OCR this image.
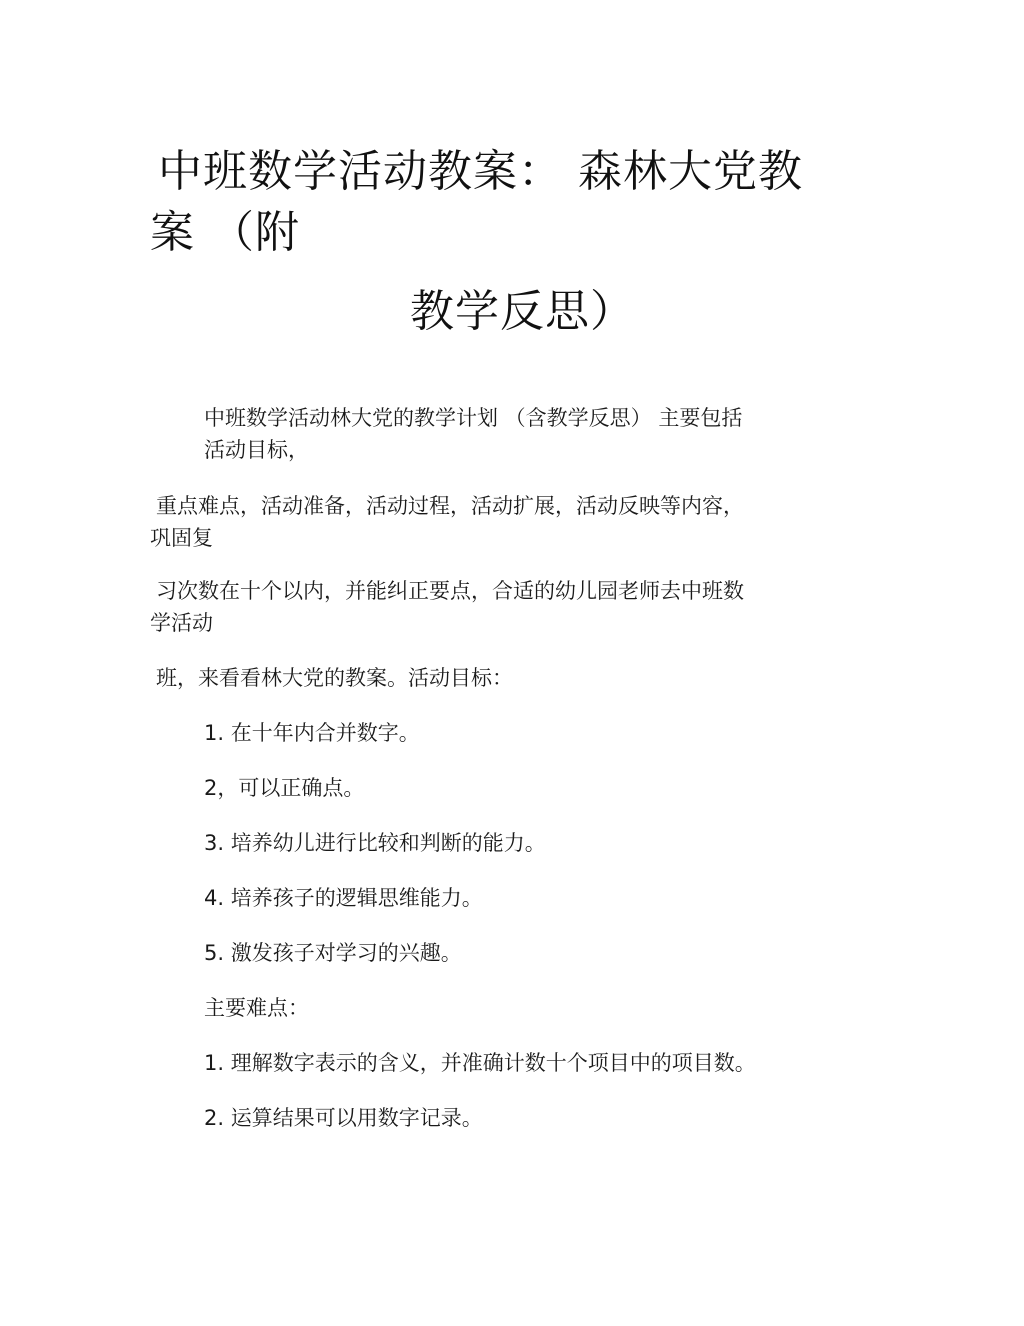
中班数学活动教案： 森林大党教
案 （附
教学反思）
中班数学活动林大党的教学计划 （含教学反思） 主要包括
活动目标，
重点难点，活动准备，活动过程，活动扩展，活动反映等内容，
巩固复
习次数在十个以内，并能纠正要点，合适的幼儿园老师去中班数
学活动
班，来看看林大党的教案。活动目标：
1. 在十年内合并数字。
2，可以正确点。
3. 培养幼儿进行比较和判断的能力。
4. 培养孩子的逻辑思维能力。
5. 激发孩子对学习的兴趣。
主要难点：
1. 理解数字表示的含义，并准确计数十个项目中的项目数。
2. 运算结果可以用数字记录。
